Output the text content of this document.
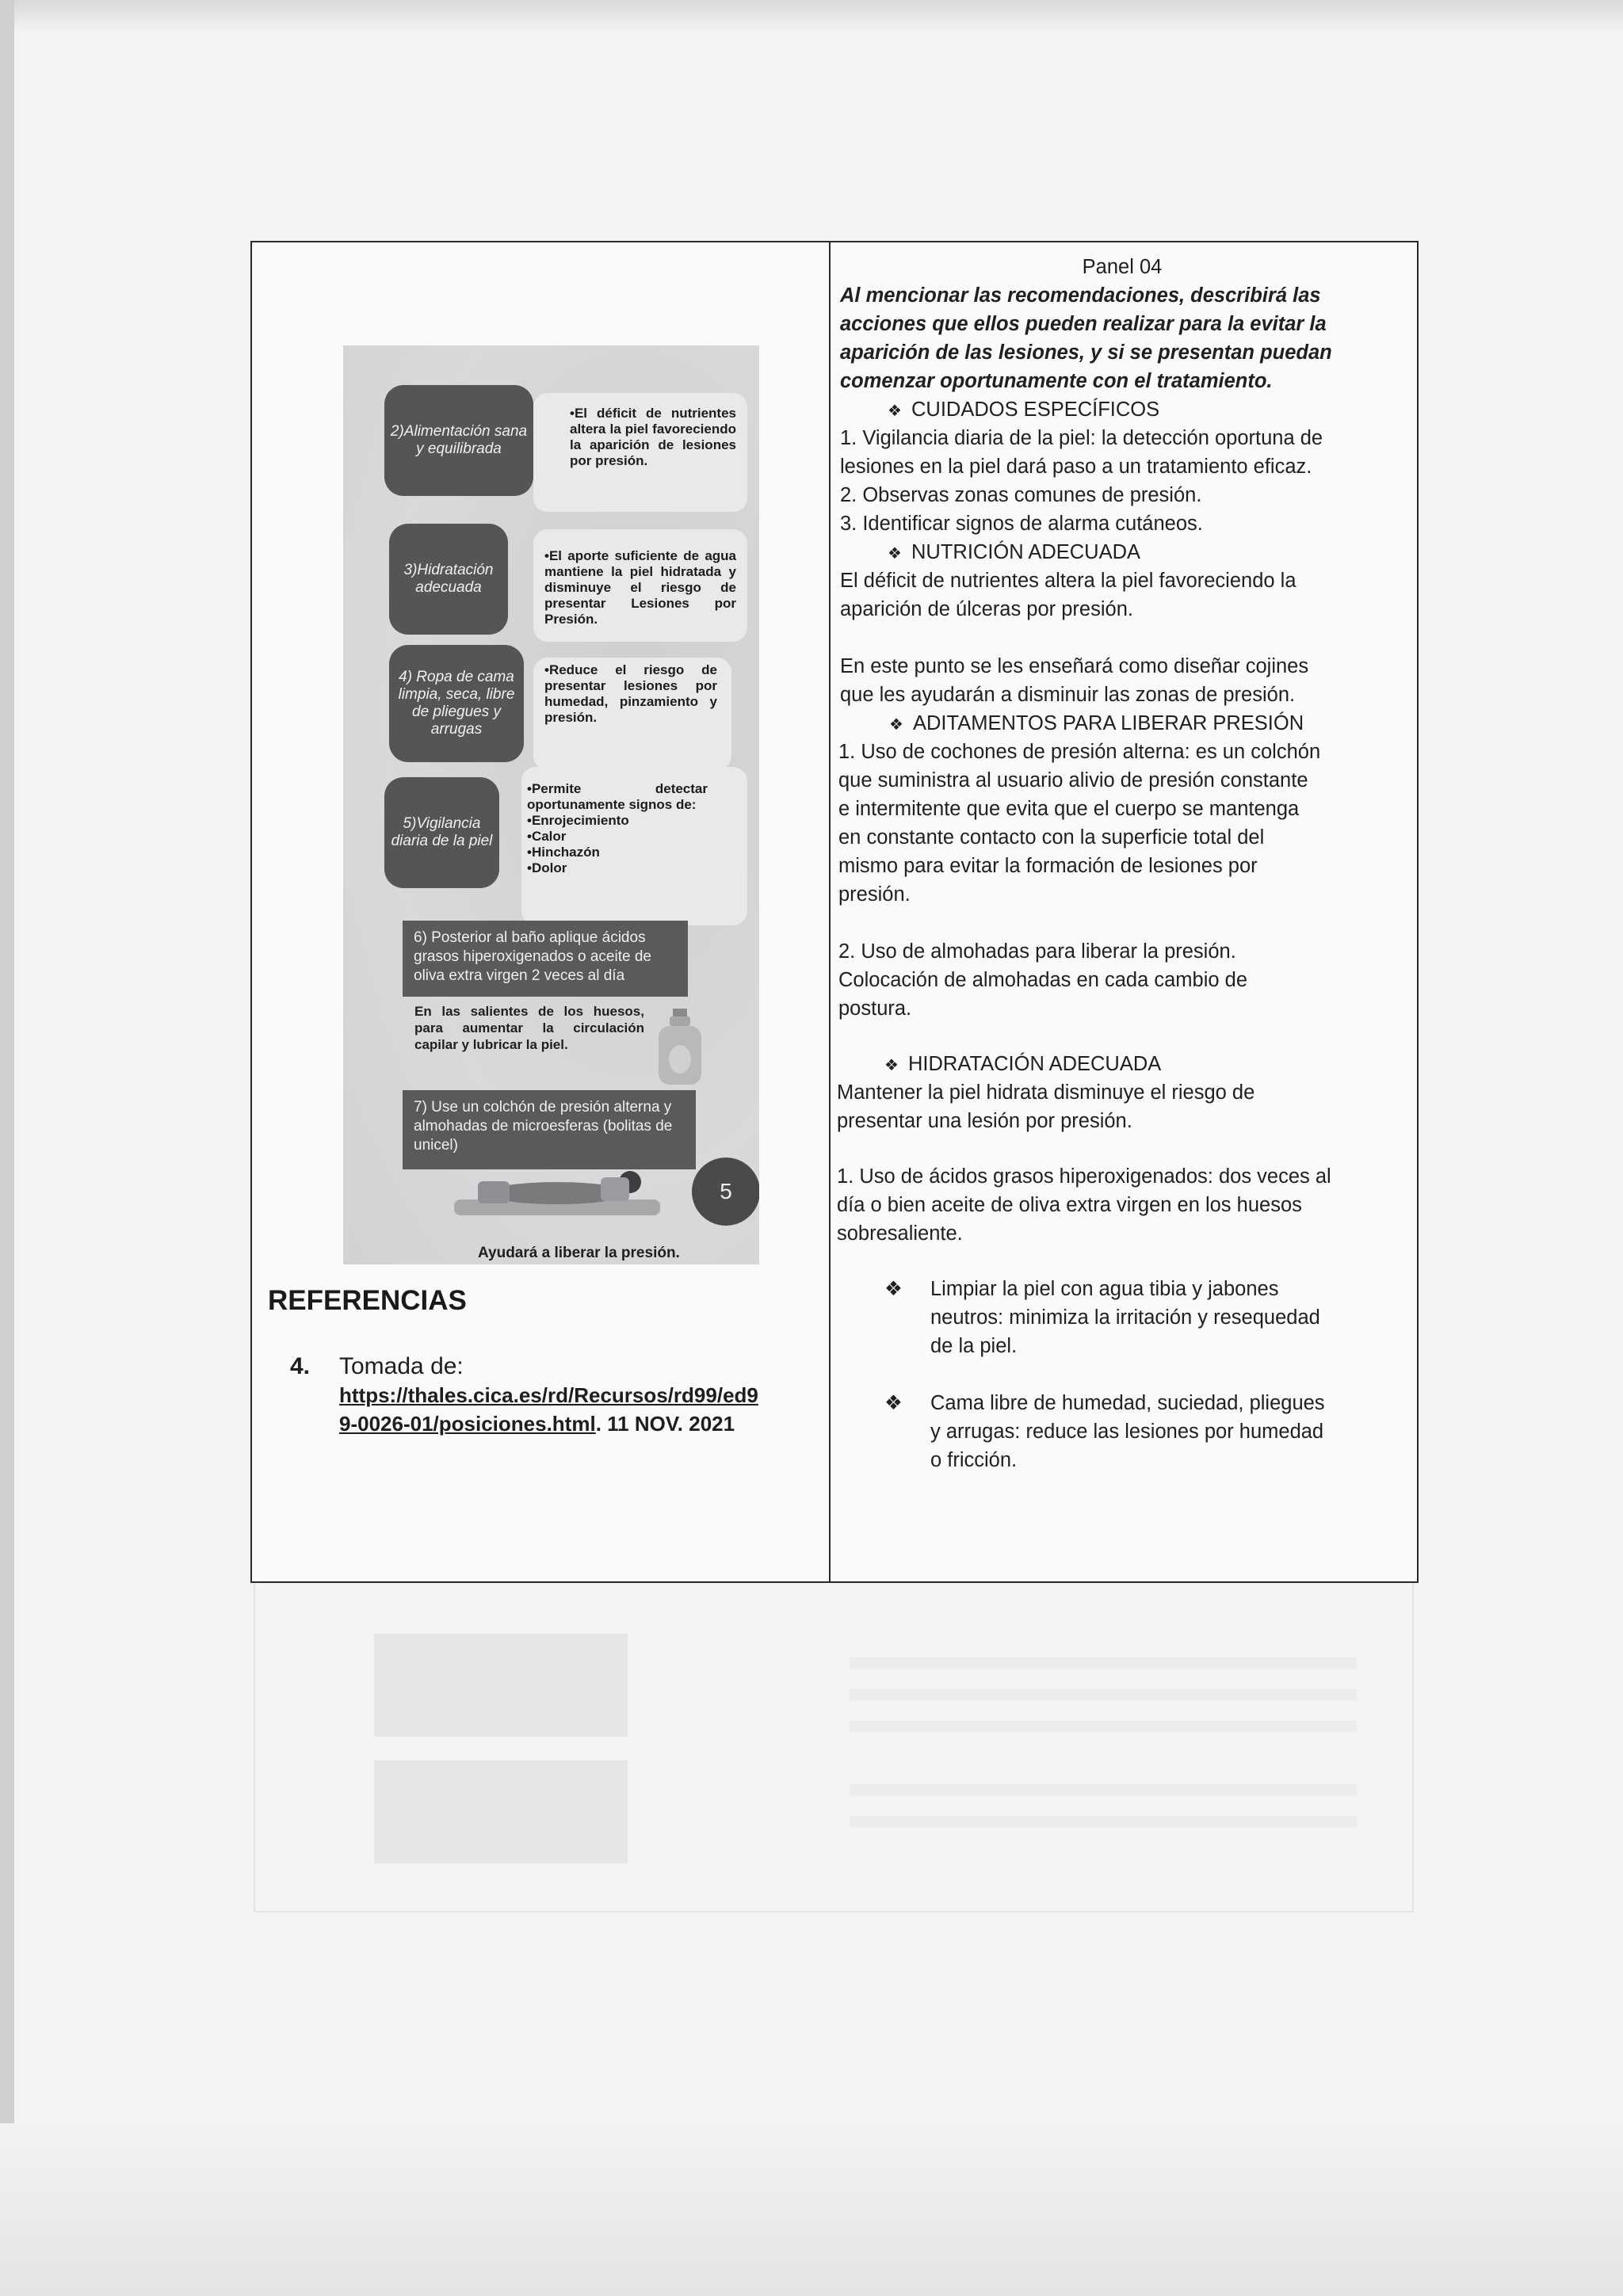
2)Alimentación sana y equilibrada
•El déficit de nutrientes altera la piel favoreciendo la aparición de lesiones por presión.
3)Hidratación adecuada
•El aporte suficiente de agua mantiene la piel hidratada y disminuye el riesgo de presentar Lesiones por Presión.
4) Ropa de cama limpia, seca, libre de pliegues y arrugas
•Reduce el riesgo de presentar lesiones por humedad, pinzamiento y presión.
5)Vigilancia diaria de la piel
•Permite detectar oportunamente signos de:
•Enrojecimiento
•Calor
•Hinchazón
•Dolor
6) Posterior al baño aplique ácidos grasos hiperoxigenados o aceite de oliva extra virgen 2 veces al día
En las salientes de los huesos, para aumentar la circulación capilar y lubricar la piel.
7) Use un colchón de presión alterna y almohadas de microesferas (bolitas de unicel)
5
Ayudará a liberar la presión.
REFERENCIAS
4. Tomada de:
https://thales.cica.es/rd/Recursos/rd99/ed9
9-0026-01/posiciones.html. 11 NOV. 2021
Panel 04
Al mencionar las recomendaciones, describirá las
acciones que ellos pueden realizar para la evitar la
aparición de las lesiones, y si se presentan puedan
comenzar oportunamente con el tratamiento.
❖ CUIDADOS ESPECÍFICOS
1. Vigilancia diaria de la piel: la detección oportuna de
lesiones en la piel dará paso a un tratamiento eficaz.
2. Observas zonas comunes de presión.
3. Identificar signos de alarma cutáneos.
❖ NUTRICIÓN ADECUADA
El déficit de nutrientes altera la piel favoreciendo la
aparición de úlceras por presión.
En este punto se les enseñará como diseñar cojines
que les ayudarán a disminuir las zonas de presión.
❖ ADITAMENTOS PARA LIBERAR PRESIÓN
1. Uso de cochones de presión alterna: es un colchón
que suministra al usuario alivio de presión constante
e intermitente que evita que el cuerpo se mantenga
en constante contacto con la superficie total del
mismo para evitar la formación de lesiones por
presión.
2. Uso de almohadas para liberar la presión.
Colocación de almohadas en cada cambio de
postura.
❖ HIDRATACIÓN ADECUADA
Mantener la piel hidrata disminuye el riesgo de
presentar una lesión por presión.
1. Uso de ácidos grasos hiperoxigenados: dos veces al
día o bien aceite de oliva extra virgen en los huesos
sobresaliente.
❖ Limpiar la piel con agua tibia y jabones
neutros: minimiza la irritación y resequedad
de la piel.
❖ Cama libre de humedad, suciedad, pliegues
y arrugas: reduce las lesiones por humedad
o fricción.
